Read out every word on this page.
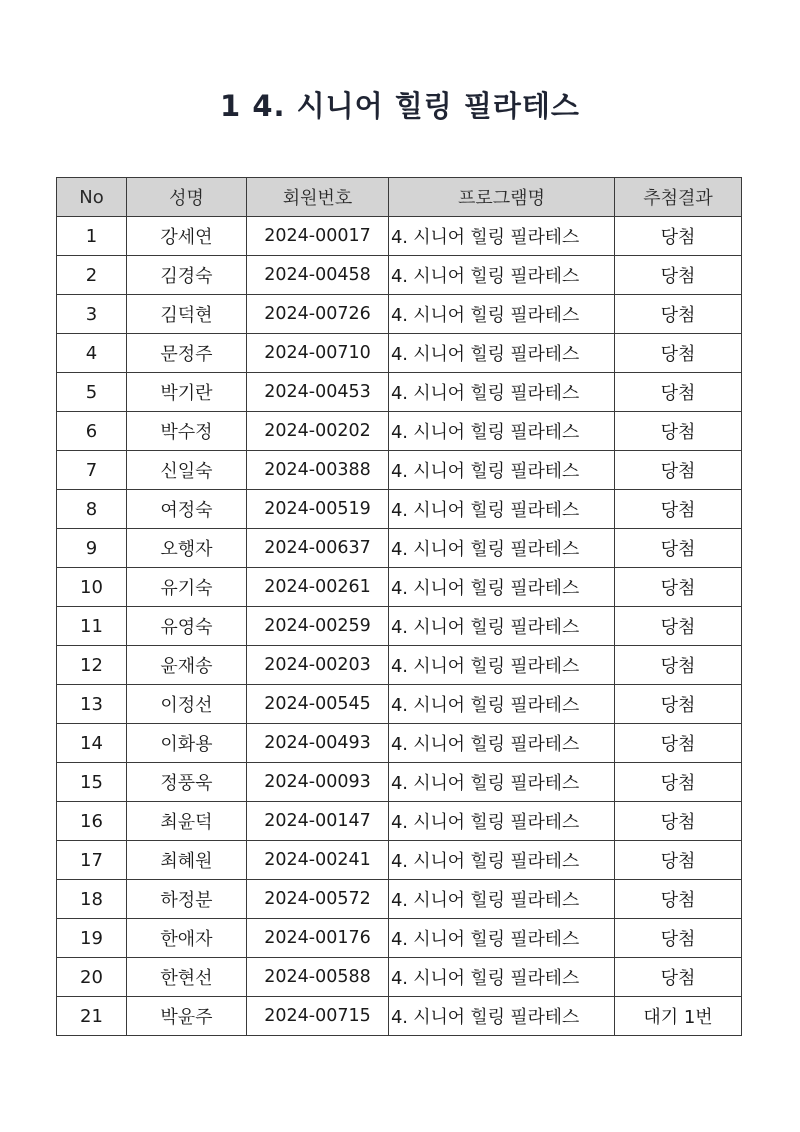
1 4. 시니어 힐링 필라테스
No	성명	회원번호	프로그램명	추첨결과
1	강세연	2024-00017	4. 시니어 힐링 필라테스	당첨
2	김경숙	2024-00458	4. 시니어 힐링 필라테스	당첨
3	김덕현	2024-00726	4. 시니어 힐링 필라테스	당첨
4	문정주	2024-00710	4. 시니어 힐링 필라테스	당첨
5	박기란	2024-00453	4. 시니어 힐링 필라테스	당첨
6	박수정	2024-00202	4. 시니어 힐링 필라테스	당첨
7	신일숙	2024-00388	4. 시니어 힐링 필라테스	당첨
8	여정숙	2024-00519	4. 시니어 힐링 필라테스	당첨
9	오행자	2024-00637	4. 시니어 힐링 필라테스	당첨
10	유기숙	2024-00261	4. 시니어 힐링 필라테스	당첨
11	유영숙	2024-00259	4. 시니어 힐링 필라테스	당첨
12	윤재송	2024-00203	4. 시니어 힐링 필라테스	당첨
13	이정선	2024-00545	4. 시니어 힐링 필라테스	당첨
14	이화용	2024-00493	4. 시니어 힐링 필라테스	당첨
15	정풍욱	2024-00093	4. 시니어 힐링 필라테스	당첨
16	최윤덕	2024-00147	4. 시니어 힐링 필라테스	당첨
17	최혜원	2024-00241	4. 시니어 힐링 필라테스	당첨
18	하정분	2024-00572	4. 시니어 힐링 필라테스	당첨
19	한애자	2024-00176	4. 시니어 힐링 필라테스	당첨
20	한현선	2024-00588	4. 시니어 힐링 필라테스	당첨
21	박윤주	2024-00715	4. 시니어 힐링 필라테스	대기 1번
